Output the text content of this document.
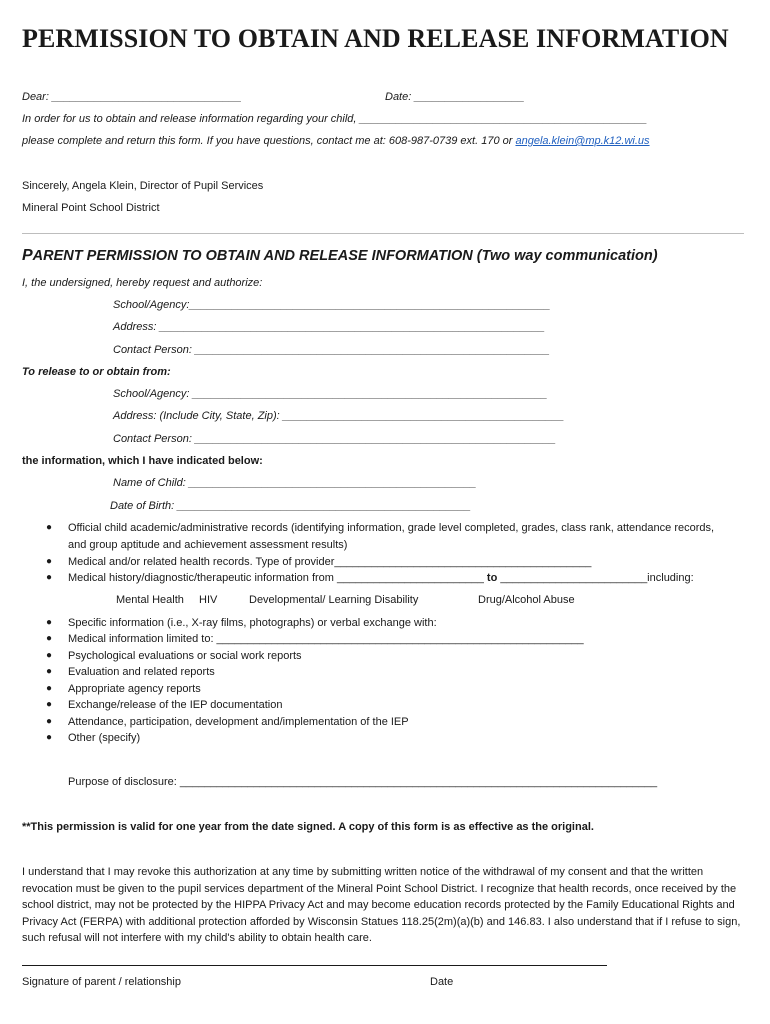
PERMISSION TO OBTAIN AND RELEASE INFORMATION
Dear: _______________________________	Date: __________________
In order for us to obtain and release information regarding your child, _______________________________________________
please complete and return this form. If you have questions, contact me at: 608-987-0739 ext. 170 or angela.klein@mp.k12.wi.us
Sincerely, Angela Klein, Director of Pupil Services
Mineral Point School District
PARENT PERMISSION TO OBTAIN AND RELEASE INFORMATION (Two way communication)
I, the undersigned, hereby request and authorize:
School/Agency:___________________________________________________________
Address: _______________________________________________________________
Contact Person: __________________________________________________________
To release to or obtain from:
School/Agency: __________________________________________________________
Address: (Include City, State, Zip): ______________________________________________
Contact Person: ___________________________________________________________
the information, which I have indicated below:
Name of Child: _______________________________________________
Date of Birth: ________________________________________________
● Official child academic/administrative records (identifying information, grade level completed, grades, class rank, attendance records,
and group aptitude and achievement assessment results)
● Medical and/or related health records. Type of provider__________________________________________
● Medical history/diagnostic/therapeutic information from ________________________ to ________________________including:
Mental Health HIV	Developmental/ Learning Disability	Drug/Alcohol Abuse
● Specific information (i.e., X-ray films, photographs) or verbal exchange with:
● Medical information limited to: ____________________________________________________________
● Psychological evaluations or social work reports
● Evaluation and related reports
● Appropriate agency reports
● Exchange/release of the IEP documentation
● Attendance, participation, development and/implementation of the IEP
● Other (specify)
Purpose of disclosure: ______________________________________________________________________________
**This permission is valid for one year from the date signed. A copy of this form is as effective as the original.
I understand that I may revoke this authorization at any time by submitting written notice of the withdrawal of my consent and that the written revocation must be given to the pupil services department of the Mineral Point School District. I recognize that health records, once received by the school district, may not be protected by the HIPPA Privacy Act and may become education records protected by the Family Educational Rights and Privacy Act (FERPA) with additional protection afforded by Wisconsin Statues 118.25(2m)(a)(b) and 146.83. I also understand that if I refuse to sign, such refusal will not interfere with my child's ability to obtain health care.
Signature of parent / relationship	Date
